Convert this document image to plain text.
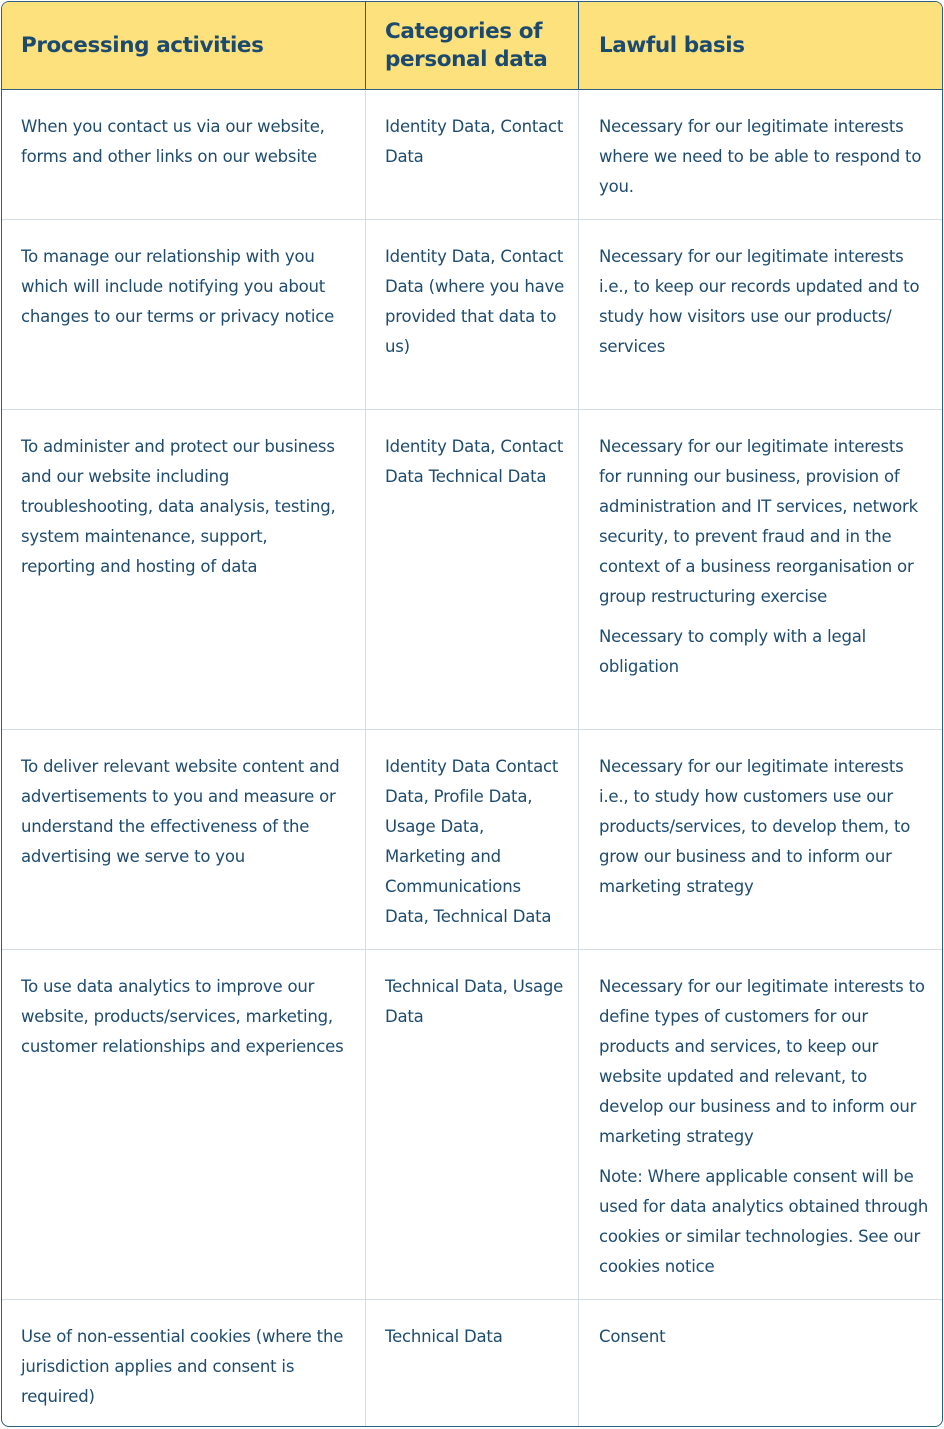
Processing activities
Categories of personal data
Lawful basis
When you contact us via our website, forms and other links on our website
Identity Data, Contact Data
Necessary for our legitimate interests where we need to be able to respond to you.
To manage our relationship with you which will include notifying you about changes to our terms or privacy notice
Identity Data, Contact Data (where you have provided that data to us)
Necessary for our legitimate interests i.e., to keep our records updated and to study how visitors use our products/ services
To administer and protect our business and our website including troubleshooting, data analysis, testing, system maintenance, support, reporting and hosting of data
Identity Data, Contact Data Technical Data
Necessary for our legitimate interests for running our business, provision of administration and IT services, network security, to prevent fraud and in the context of a business reorganisation or group restructuring exercise
Necessary to comply with a legal obligation
To deliver relevant website content and advertisements to you and measure or understand the effectiveness of the advertising we serve to you
Identity Data Contact Data, Profile Data, Usage Data, Marketing and Communications Data, Technical Data
Necessary for our legitimate interests i.e., to study how customers use our products/services, to develop them, to grow our business and to inform our marketing strategy
To use data analytics to improve our website, products/services, marketing, customer relationships and experiences
Technical Data, Usage Data
Necessary for our legitimate interests to define types of customers for our products and services, to keep our website updated and relevant, to develop our business and to inform our marketing strategy
Note: Where applicable consent will be used for data analytics obtained through cookies or similar technologies. See our cookies notice
Use of non-essential cookies (where the jurisdiction applies and consent is required)
Technical Data	Consent
